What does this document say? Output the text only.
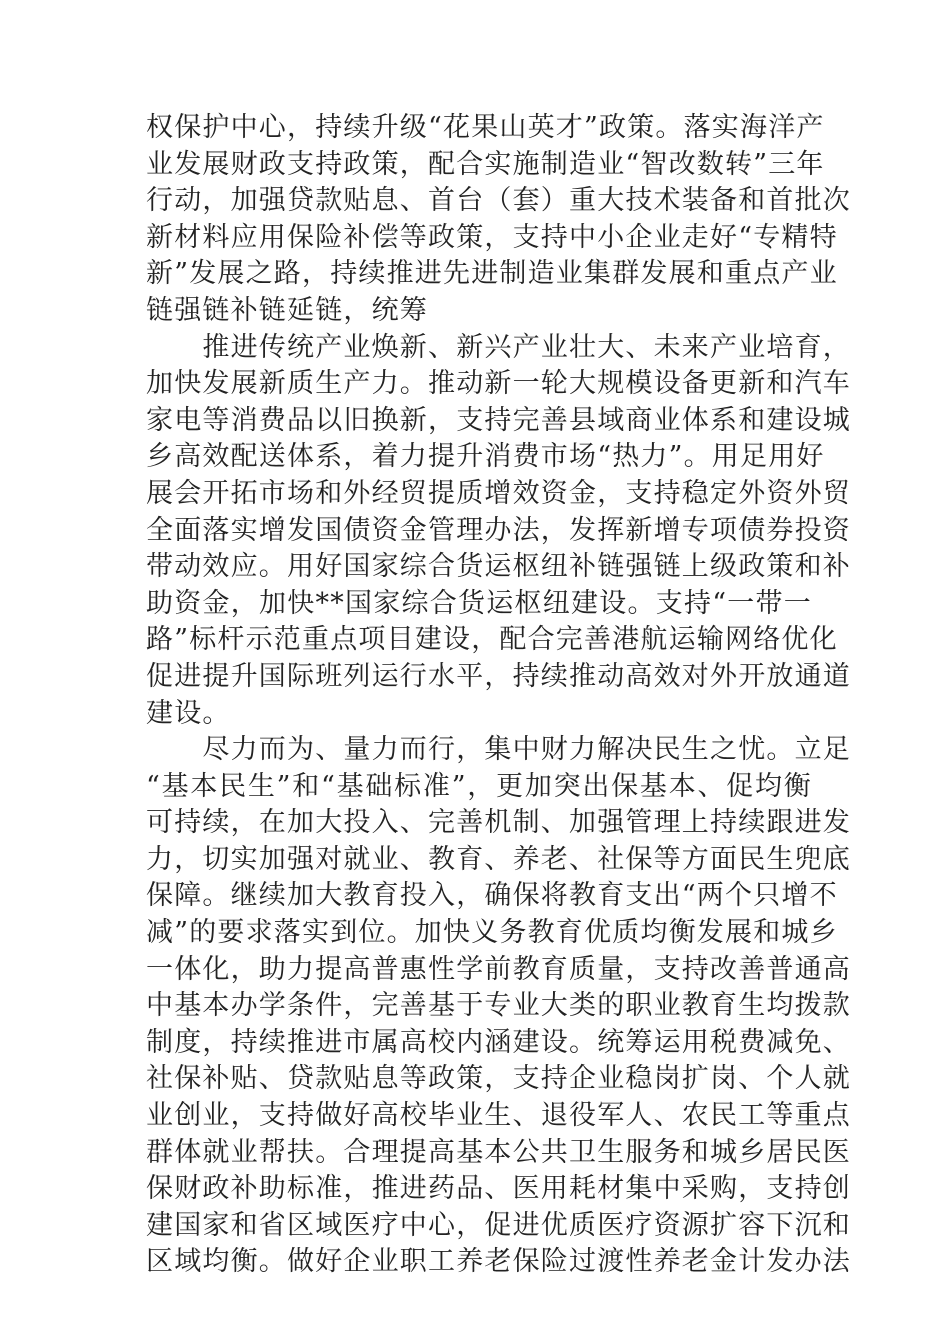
权保护中心，持续升级“花果山英才”政策。落实海洋产
业发展财政支持政策，配合实施制造业“智改数转”三年
行动，加强贷款贴息、首台（套）重大技术装备和首批次
新材料应用保险补偿等政策，支持中小企业走好“专精特
新”发展之路，持续推进先进制造业集群发展和重点产业
链强链补链延链，统筹
　　推进传统产业焕新、新兴产业壮大、未来产业培育，
加快发展新质生产力。推动新一轮大规模设备更新和汽车
家电等消费品以旧换新，支持完善县域商业体系和建设城
乡高效配送体系，着力提升消费市场“热力”。用足用好
展会开拓市场和外经贸提质增效资金，支持稳定外资外贸
全面落实增发国债资金管理办法，发挥新增专项债券投资
带动效应。用好国家综合货运枢纽补链强链上级政策和补
助资金，加快**国家综合货运枢纽建设。支持“一带一
路”标杆示范重点项目建设，配合完善港航运输网络优化
促进提升国际班列运行水平，持续推动高效对外开放通道
建设。
　　尽力而为、量力而行，集中财力解决民生之忧。立足
“基本民生”和“基础标准”，更加突出保基本、促均衡
可持续，在加大投入、完善机制、加强管理上持续跟进发
力，切实加强对就业、教育、养老、社保等方面民生兜底
保障。继续加大教育投入，确保将教育支出“两个只增不
减”的要求落实到位。加快义务教育优质均衡发展和城乡
一体化，助力提高普惠性学前教育质量，支持改善普通高
中基本办学条件，完善基于专业大类的职业教育生均拨款
制度，持续推进市属高校内涵建设。统筹运用税费减免、
社保补贴、贷款贴息等政策，支持企业稳岗扩岗、个人就
业创业，支持做好高校毕业生、退役军人、农民工等重点
群体就业帮扶。合理提高基本公共卫生服务和城乡居民医
保财政补助标准，推进药品、医用耗材集中采购，支持创
建国家和省区域医疗中心，促进优质医疗资源扩容下沉和
区域均衡。做好企业职工养老保险过渡性养老金计发办法
